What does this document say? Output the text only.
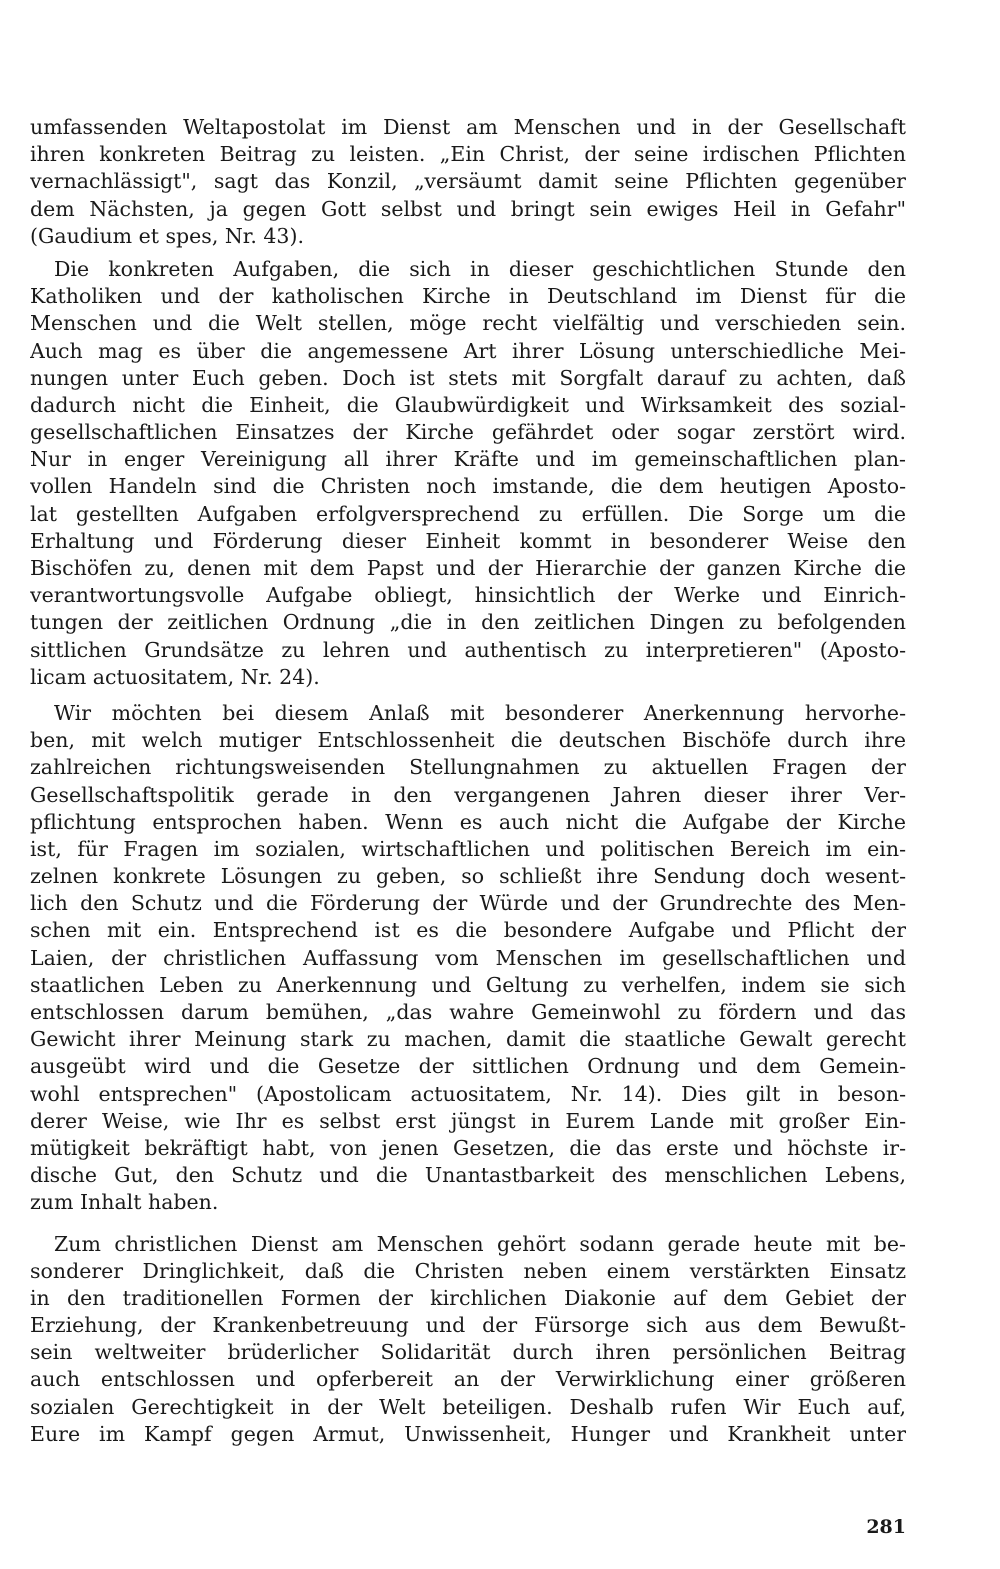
umfassenden Weltapostolat im Dienst am Menschen und in der Gesellschaft
ihren konkreten Beitrag zu leisten. „Ein Christ, der seine irdischen Pflichten
vernachlässigt", sagt das Konzil, „versäumt damit seine Pflichten gegenüber
dem Nächsten, ja gegen Gott selbst und bringt sein ewiges Heil in Gefahr"
(Gaudium et spes, Nr. 43).
Die konkreten Aufgaben, die sich in dieser geschichtlichen Stunde den
Katholiken und der katholischen Kirche in Deutschland im Dienst für die
Menschen und die Welt stellen, möge recht vielfältig und verschieden sein.
Auch mag es über die angemessene Art ihrer Lösung unterschiedliche Mei-
nungen unter Euch geben. Doch ist stets mit Sorgfalt darauf zu achten, daß
dadurch nicht die Einheit, die Glaubwürdigkeit und Wirksamkeit des sozial-
gesellschaftlichen Einsatzes der Kirche gefährdet oder sogar zerstört wird.
Nur in enger Vereinigung all ihrer Kräfte und im gemeinschaftlichen plan-
vollen Handeln sind die Christen noch imstande, die dem heutigen Aposto-
lat gestellten Aufgaben erfolgversprechend zu erfüllen. Die Sorge um die
Erhaltung und Förderung dieser Einheit kommt in besonderer Weise den
Bischöfen zu, denen mit dem Papst und der Hierarchie der ganzen Kirche die
verantwortungsvolle Aufgabe obliegt, hinsichtlich der Werke und Einrich-
tungen der zeitlichen Ordnung „die in den zeitlichen Dingen zu befolgenden
sittlichen Grundsätze zu lehren und authentisch zu interpretieren" (Aposto-
licam actuositatem, Nr. 24).
Wir möchten bei diesem Anlaß mit besonderer Anerkennung hervorhe-
ben, mit welch mutiger Entschlossenheit die deutschen Bischöfe durch ihre
zahlreichen richtungsweisenden Stellungnahmen zu aktuellen Fragen der
Gesellschaftspolitik gerade in den vergangenen Jahren dieser ihrer Ver-
pflichtung entsprochen haben. Wenn es auch nicht die Aufgabe der Kirche
ist, für Fragen im sozialen, wirtschaftlichen und politischen Bereich im ein-
zelnen konkrete Lösungen zu geben, so schließt ihre Sendung doch wesent-
lich den Schutz und die Förderung der Würde und der Grundrechte des Men-
schen mit ein. Entsprechend ist es die besondere Aufgabe und Pflicht der
Laien, der christlichen Auffassung vom Menschen im gesellschaftlichen und
staatlichen Leben zu Anerkennung und Geltung zu verhelfen, indem sie sich
entschlossen darum bemühen, „das wahre Gemeinwohl zu fördern und das
Gewicht ihrer Meinung stark zu machen, damit die staatliche Gewalt gerecht
ausgeübt wird und die Gesetze der sittlichen Ordnung und dem Gemein-
wohl entsprechen" (Apostolicam actuositatem, Nr. 14). Dies gilt in beson-
derer Weise, wie Ihr es selbst erst jüngst in Eurem Lande mit großer Ein-
mütigkeit bekräftigt habt, von jenen Gesetzen, die das erste und höchste ir-
dische Gut, den Schutz und die Unantastbarkeit des menschlichen Lebens,
zum Inhalt haben.
Zum christlichen Dienst am Menschen gehört sodann gerade heute mit be-
sonderer Dringlichkeit, daß die Christen neben einem verstärkten Einsatz
in den traditionellen Formen der kirchlichen Diakonie auf dem Gebiet der
Erziehung, der Krankenbetreuung und der Fürsorge sich aus dem Bewußt-
sein weltweiter brüderlicher Solidarität durch ihren persönlichen Beitrag
auch entschlossen und opferbereit an der Verwirklichung einer größeren
sozialen Gerechtigkeit in der Welt beteiligen. Deshalb rufen Wir Euch auf,
Eure im Kampf gegen Armut, Unwissenheit, Hunger und Krankheit unter
281
